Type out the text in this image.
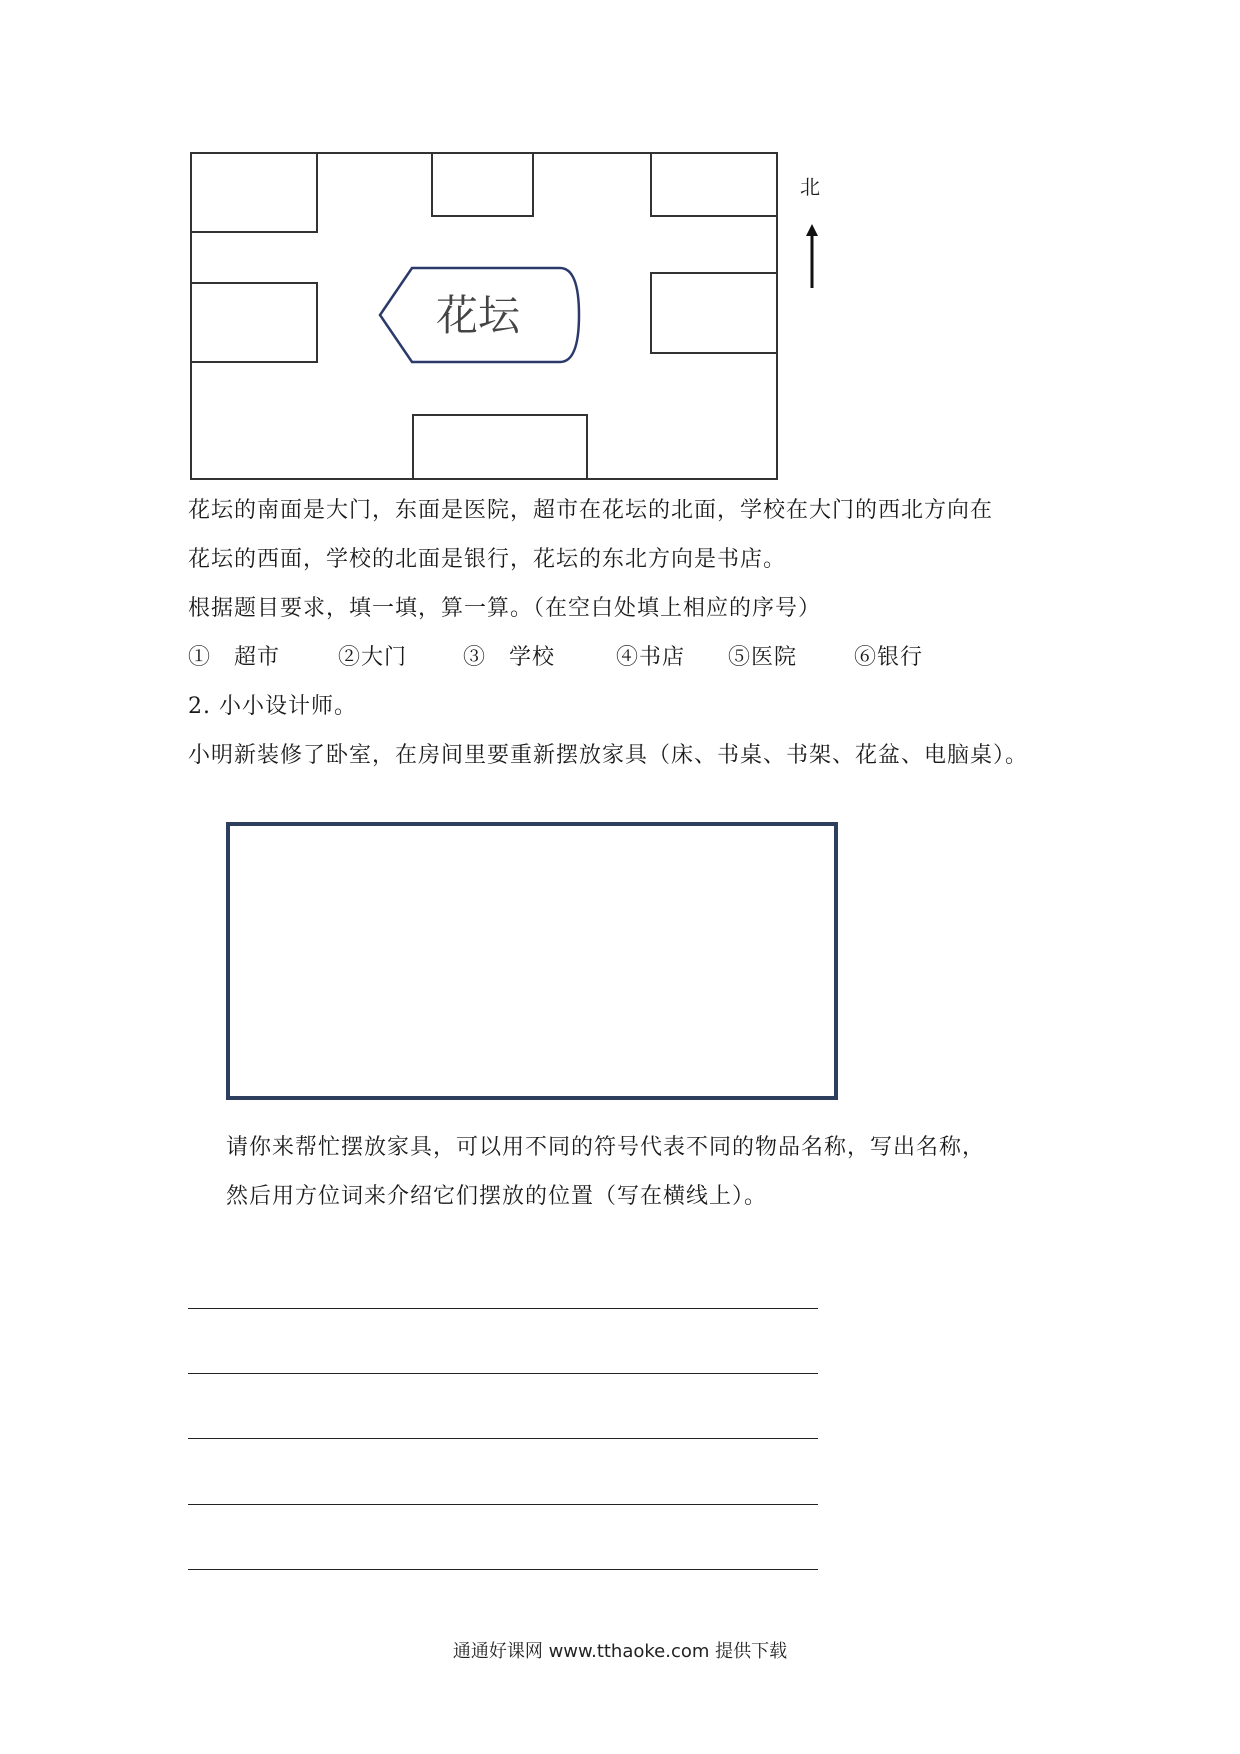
花坛
北
花坛的南面是大门，东面是医院，超市在花坛的北面，学校在大门的西北方向在
花坛的西面，学校的北面是银行，花坛的东北方向是书店。
根据题目要求，填一填，算一算。（在空白处填上相应的序号）
①　超市	②大门	③　学校	④书店 ⑤医院	⑥银行
2. 小小设计师。
小明新装修了卧室，在房间里要重新摆放家具（床、书桌、书架、花盆、电脑桌）。
请你来帮忙摆放家具，可以用不同的符号代表不同的物品名称，写出名称，
然后用方位词来介绍它们摆放的位置（写在横线上）。
通通好课网 www.tthaoke.com 提供下载
